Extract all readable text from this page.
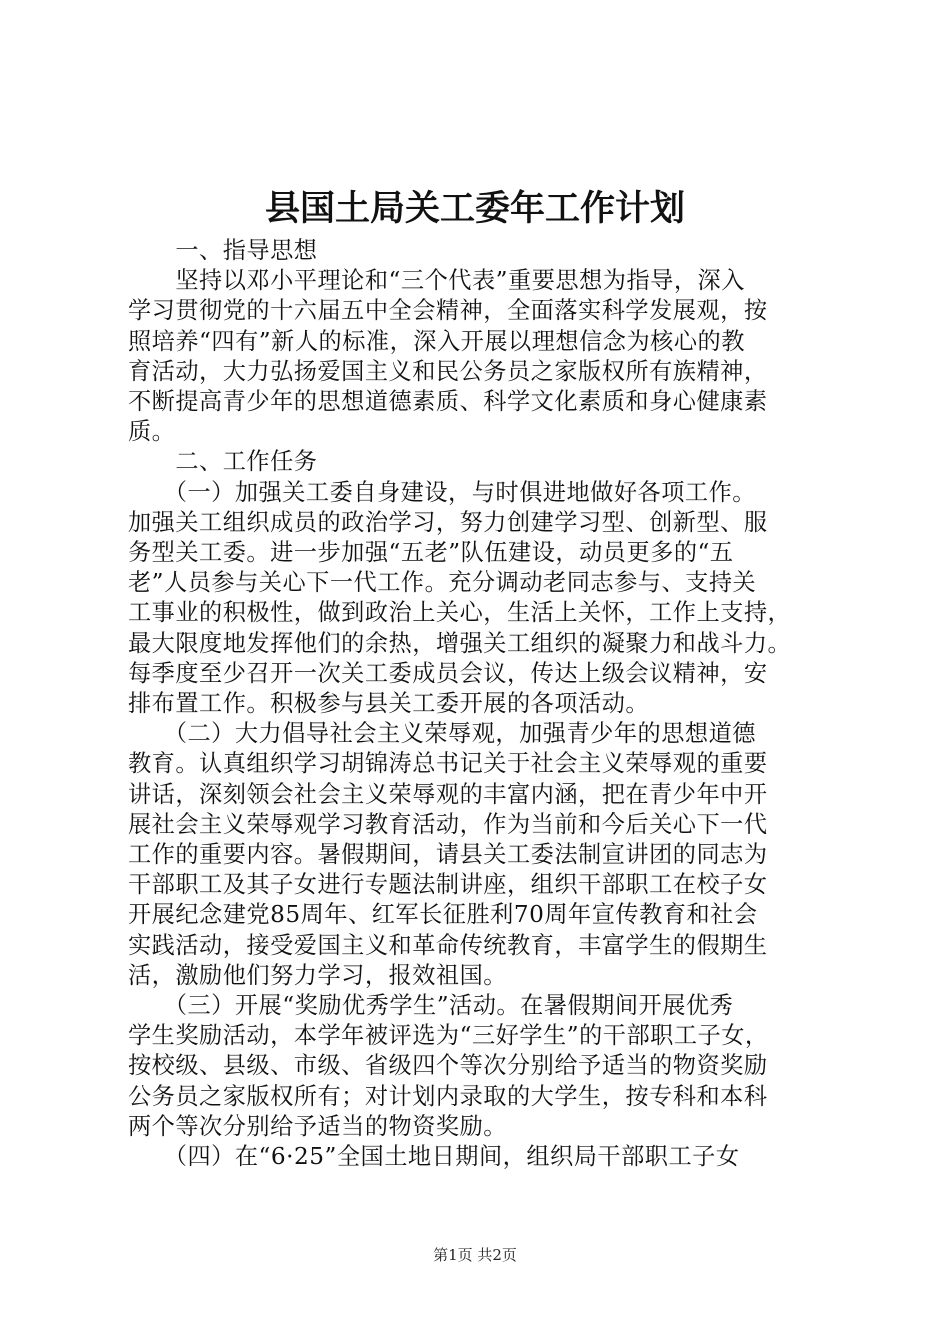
县国土局关工委年工作计划

　　一、指导思想

　　坚持以邓小平理论和“三个代表”重要思想为指导，深入
学习贯彻党的十六届五中全会精神，全面落实科学发展观，按
照培养“四有”新人的标准，深入开展以理想信念为核心的教
育活动，大力弘扬爱国主义和民公务员之家版权所有族精神，
不断提高青少年的思想道德素质、科学文化素质和身心健康素
质。

　　二、工作任务

　　（一）加强关工委自身建设，与时俱进地做好各项工作。
加强关工组织成员的政治学习，努力创建学习型、创新型、服
务型关工委。进一步加强“五老”队伍建设，动员更多的“五
老”人员参与关心下一代工作。充分调动老同志参与、支持关
工事业的积极性，做到政治上关心，生活上关怀，工作上支持，
最大限度地发挥他们的余热，增强关工组织的凝聚力和战斗力。
每季度至少召开一次关工委成员会议，传达上级会议精神，安
排布置工作。积极参与县关工委开展的各项活动。

　　（二）大力倡导社会主义荣辱观，加强青少年的思想道德
教育。认真组织学习胡锦涛总书记关于社会主义荣辱观的重要
讲话，深刻领会社会主义荣辱观的丰富内涵，把在青少年中开
展社会主义荣辱观学习教育活动，作为当前和今后关心下一代
工作的重要内容。暑假期间，请县关工委法制宣讲团的同志为
干部职工及其子女进行专题法制讲座，组织干部职工在校子女
开展纪念建党85周年、红军长征胜利70周年宣传教育和社会
实践活动，接受爱国主义和革命传统教育，丰富学生的假期生
活，激励他们努力学习，报效祖国。

　　（三）开展“奖励优秀学生”活动。在暑假期间开展优秀
学生奖励活动，本学年被评选为“三好学生”的干部职工子女，
按校级、县级、市级、省级四个等次分别给予适当的物资奖励
公务员之家版权所有；对计划内录取的大学生，按专科和本科
两个等次分别给予适当的物资奖励。

　　（四）在“6·25”全国土地日期间，组织局干部职工子女

第1页 共2页
